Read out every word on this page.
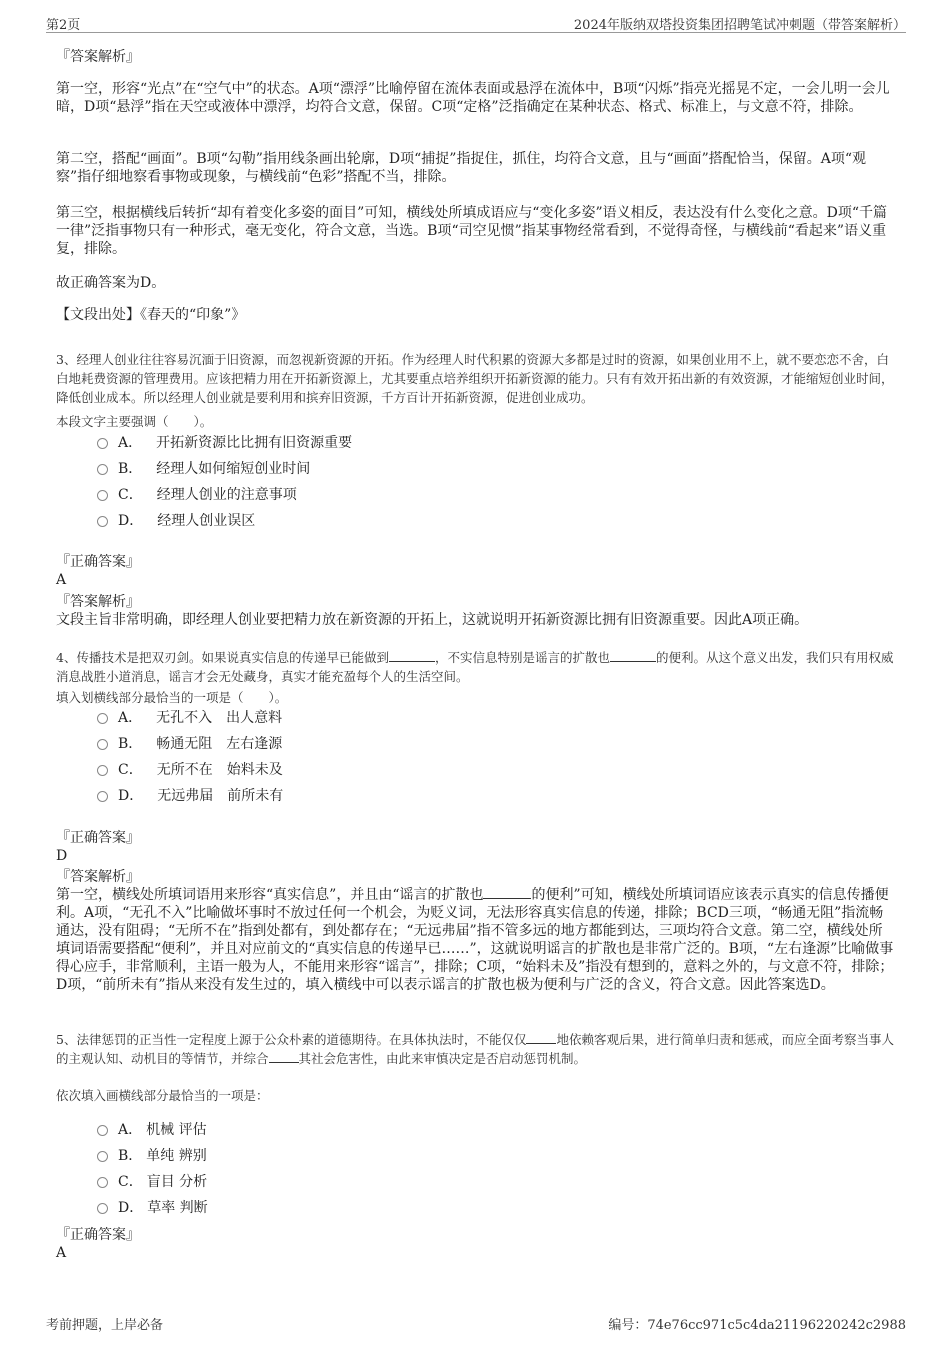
第2页	2024年版纳双塔投资集团招聘笔试冲刺题（带答案解析）

『答案解析』

第一空，形容“光点”在“空气中”的状态。A项“漂浮”比喻停留在流体表面或悬浮在流体中，B项“闪烁”指亮光摇晃不定，一会儿明一会儿暗，D项“悬浮”指在天空或液体中漂浮，均符合文意，保留。C项“定格”泛指确定在某种状态、格式、标准上，与文意不符，排除。

第二空，搭配“画面”。B项“勾勒”指用线条画出轮廓，D项“捕捉”指捉住，抓住，均符合文意，且与“画面”搭配恰当，保留。A项“观察”指仔细地察看事物或现象，与横线前“色彩”搭配不当，排除。

第三空，根据横线后转折“却有着变化多姿的面目”可知，横线处所填成语应与“变化多姿”语义相反，表达没有什么变化之意。D项“千篇一律”泛指事物只有一种形式，毫无变化，符合文意，当选。B项“司空见惯”指某事物经常看到，不觉得奇怪，与横线前“看起来”语义重复，排除。

故正确答案为D。

【文段出处】《春天的“印象”》

3、经理人创业往往容易沉湎于旧资源，而忽视新资源的开拓。作为经理人时代积累的资源大多都是过时的资源，如果创业用不上，就不要恋恋不舍，白白地耗费资源的管理费用。应该把精力用在开拓新资源上，尤其要重点培养组织开拓新资源的能力。只有有效开拓出新的有效资源，才能缩短创业时间，降低创业成本。所以经理人创业就是要利用和摈弃旧资源，千方百计开拓新资源，促进创业成功。

本段文字主要强调（　　）。

A． 开拓新资源比比拥有旧资源重要
B． 经理人如何缩短创业时间
C． 经理人创业的注意事项
D． 经理人创业误区

『正确答案』

A

『答案解析』

文段主旨非常明确，即经理人创业要把精力放在新资源的开拓上，这就说明开拓新资源比拥有旧资源重要。因此A项正确。

4、传播技术是把双刃剑。如果说真实信息的传递早已能做到	，不实信息特别是谣言的扩散也	的便利。从这个意义出发，我们只有用权威消息战胜小道消息，谣言才会无处藏身，真实才能充盈每个人的生活空间。

填入划横线部分最恰当的一项是（　　）。

A． 无孔不入　出人意料
B． 畅通无阻　左右逢源
C． 无所不在　始料未及
D． 无远弗届　前所未有

『正确答案』

D

『答案解析』

第一空，横线处所填词语用来形容“真实信息”，并且由“谣言的扩散也	的便利”可知，横线处所填词语应该表示真实的信息传播便利。A项，“无孔不入”比喻做坏事时不放过任何一个机会，为贬义词，无法形容真实信息的传递，排除；BCD三项，“畅通无阻”指流畅通达，没有阻碍；“无所不在”指到处都有，到处都存在；“无远弗届”指不管多远的地方都能到达，三项均符合文意。第二空，横线处所填词语需要搭配“便利”，并且对应前文的“真实信息的传递早已……”，这就说明谣言的扩散也是非常广泛的。B项，“左右逢源”比喻做事得心应手，非常顺利，主语一般为人，不能用来形容“谣言”，排除；C项，“始料未及”指没有想到的，意料之外的，与文意不符，排除；D项，“前所未有”指从来没有发生过的，填入横线中可以表示谣言的扩散也极为便利与广泛的含义，符合文意。因此答案选D。

5、法律惩罚的正当性一定程度上源于公众朴素的道德期待。在具体执法时，不能仅仅 地依赖客观后果，进行简单归责和惩戒，而应全面考察当事人的主观认知、动机目的等情节，并综合 其社会危害性，由此来审慎决定是否启动惩罚机制。

依次填入画横线部分最恰当的一项是：

A． 机械 评估
B． 单纯 辨别
C． 盲目 分析
D． 草率 判断

『正确答案』

A

考前押题，上岸必备	编号：74e76cc971c5c4da21196220242c2988
